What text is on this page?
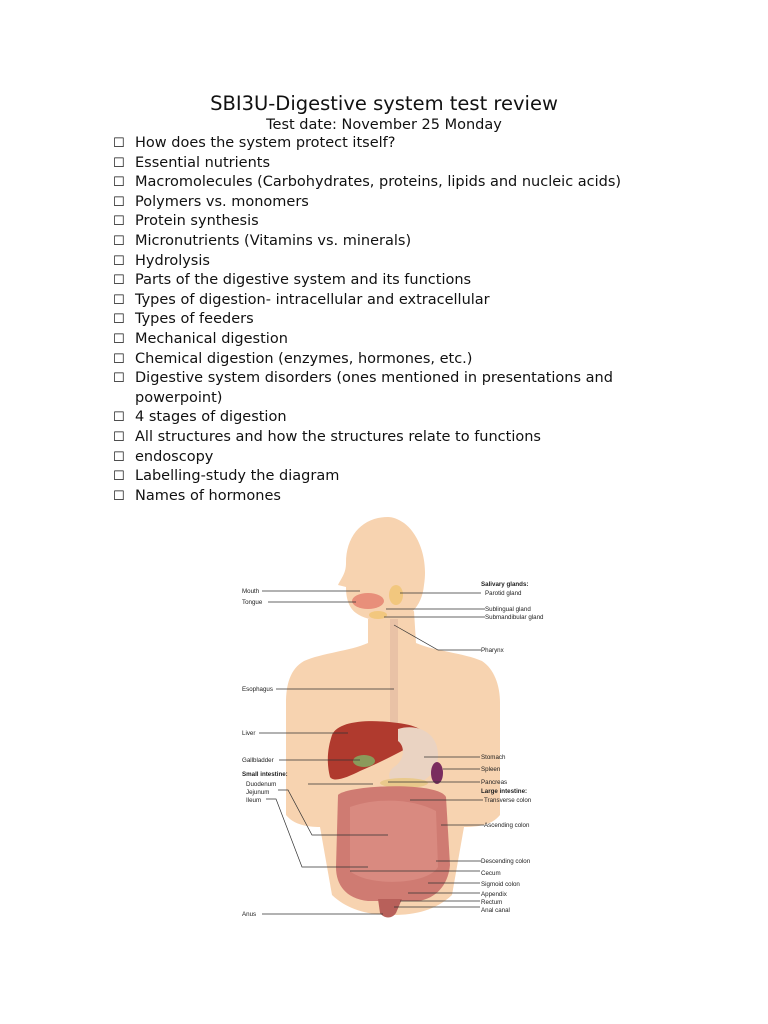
SBI3U-Digestive system test review
Test date: November 25 Monday
☐ How does the system protect itself?
☐ Essential nutrients
☐ Macromolecules (Carbohydrates, proteins, lipids and nucleic acids)
☐ Polymers vs. monomers
☐ Protein synthesis
☐ Micronutrients (Vitamins vs. minerals)
☐ Hydrolysis
☐ Parts of the digestive system and its functions
☐ Types of digestion- intracellular and extracellular
☐ Types of feeders
☐ Mechanical digestion
☐ Chemical digestion (enzymes, hormones, etc.)
☐ Digestive system disorders (ones mentioned in presentations and powerpoint)
☐ 4 stages of digestion
☐ All structures and how the structures relate to functions
☐ endoscopy
☐ Labelling-study the diagram
☐ Names of hormones
Mouth
Tongue
Esophagus
Liver
Gallbladder
Small intestine:
Duodenum
Jejunum
Ileum
Anus
Salivary glands:
Parotid gland
Sublingual gland
Submandibular gland
Pharynx
Stomach
Spleen
Pancreas
Large intestine:
Transverse colon
Ascending colon
Descending colon
Cecum
Sigmoid colon
Appendix
Rectum
Anal canal
